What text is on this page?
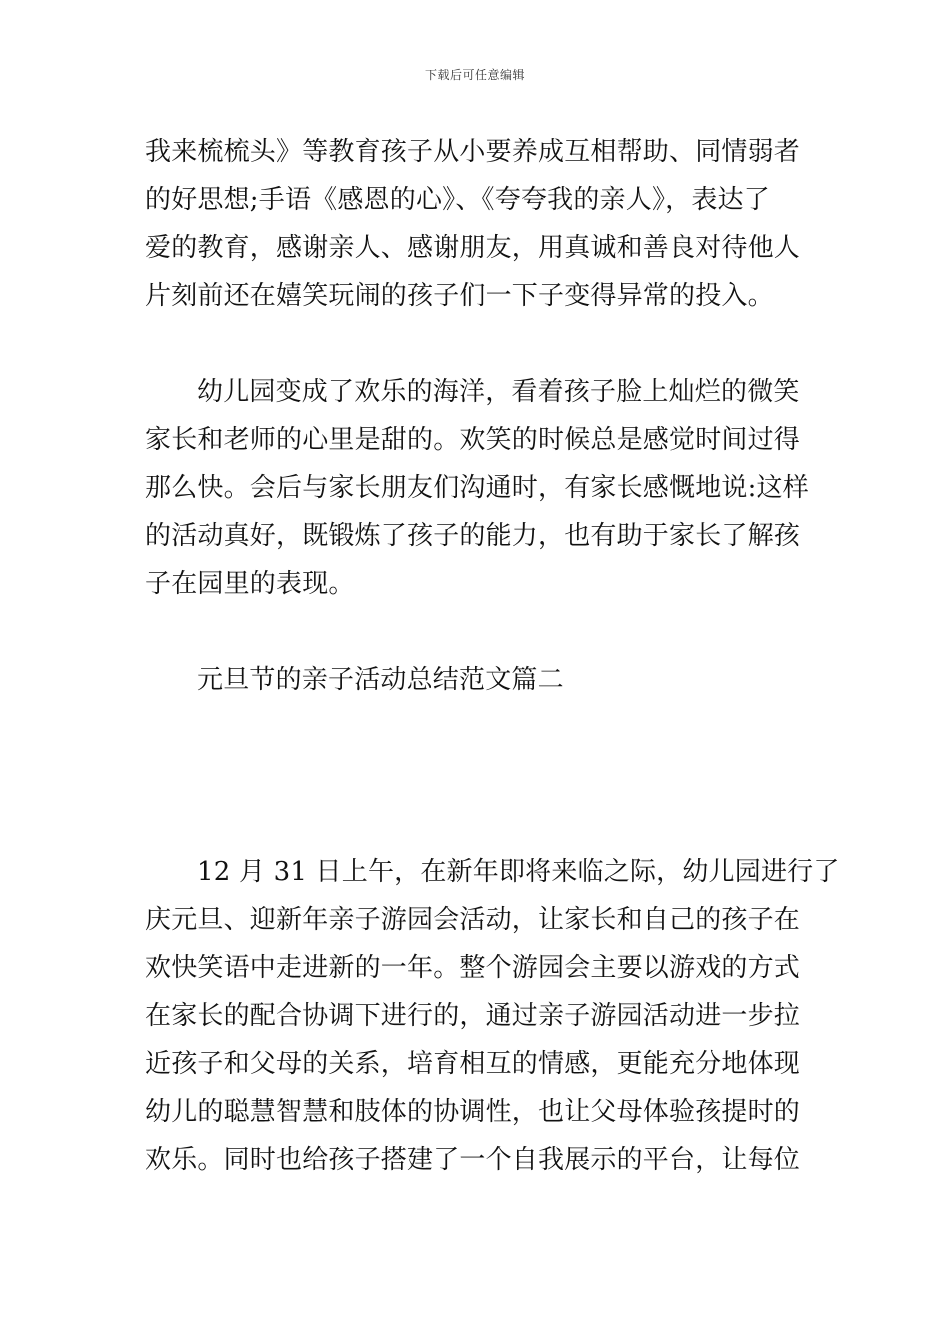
下载后可任意编辑
我来梳梳头》等教育孩子从小要养成互相帮助、同情弱者
的好思想;手语《感恩的心》、《夸夸我的亲人》，表达了
爱的教育，感谢亲人、感谢朋友，用真诚和善良对待他人
片刻前还在嬉笑玩闹的孩子们一下子变得异常的投入。
幼儿园变成了欢乐的海洋，看着孩子脸上灿烂的微笑
家长和老师的心里是甜的。欢笑的时候总是感觉时间过得
那么快。会后与家长朋友们沟通时，有家长感慨地说:这样
的活动真好，既锻炼了孩子的能力，也有助于家长了解孩
子在园里的表现。
元旦节的亲子活动总结范文篇二
12 月 31 日上午，在新年即将来临之际，幼儿园进行了
庆元旦、迎新年亲子游园会活动，让家长和自己的孩子在
欢快笑语中走进新的一年。整个游园会主要以游戏的方式
在家长的配合协调下进行的，通过亲子游园活动进一步拉
近孩子和父母的关系，培育相互的情感，更能充分地体现
幼儿的聪慧智慧和肢体的协调性，也让父母体验孩提时的
欢乐。同时也给孩子搭建了一个自我展示的平台，让每位
